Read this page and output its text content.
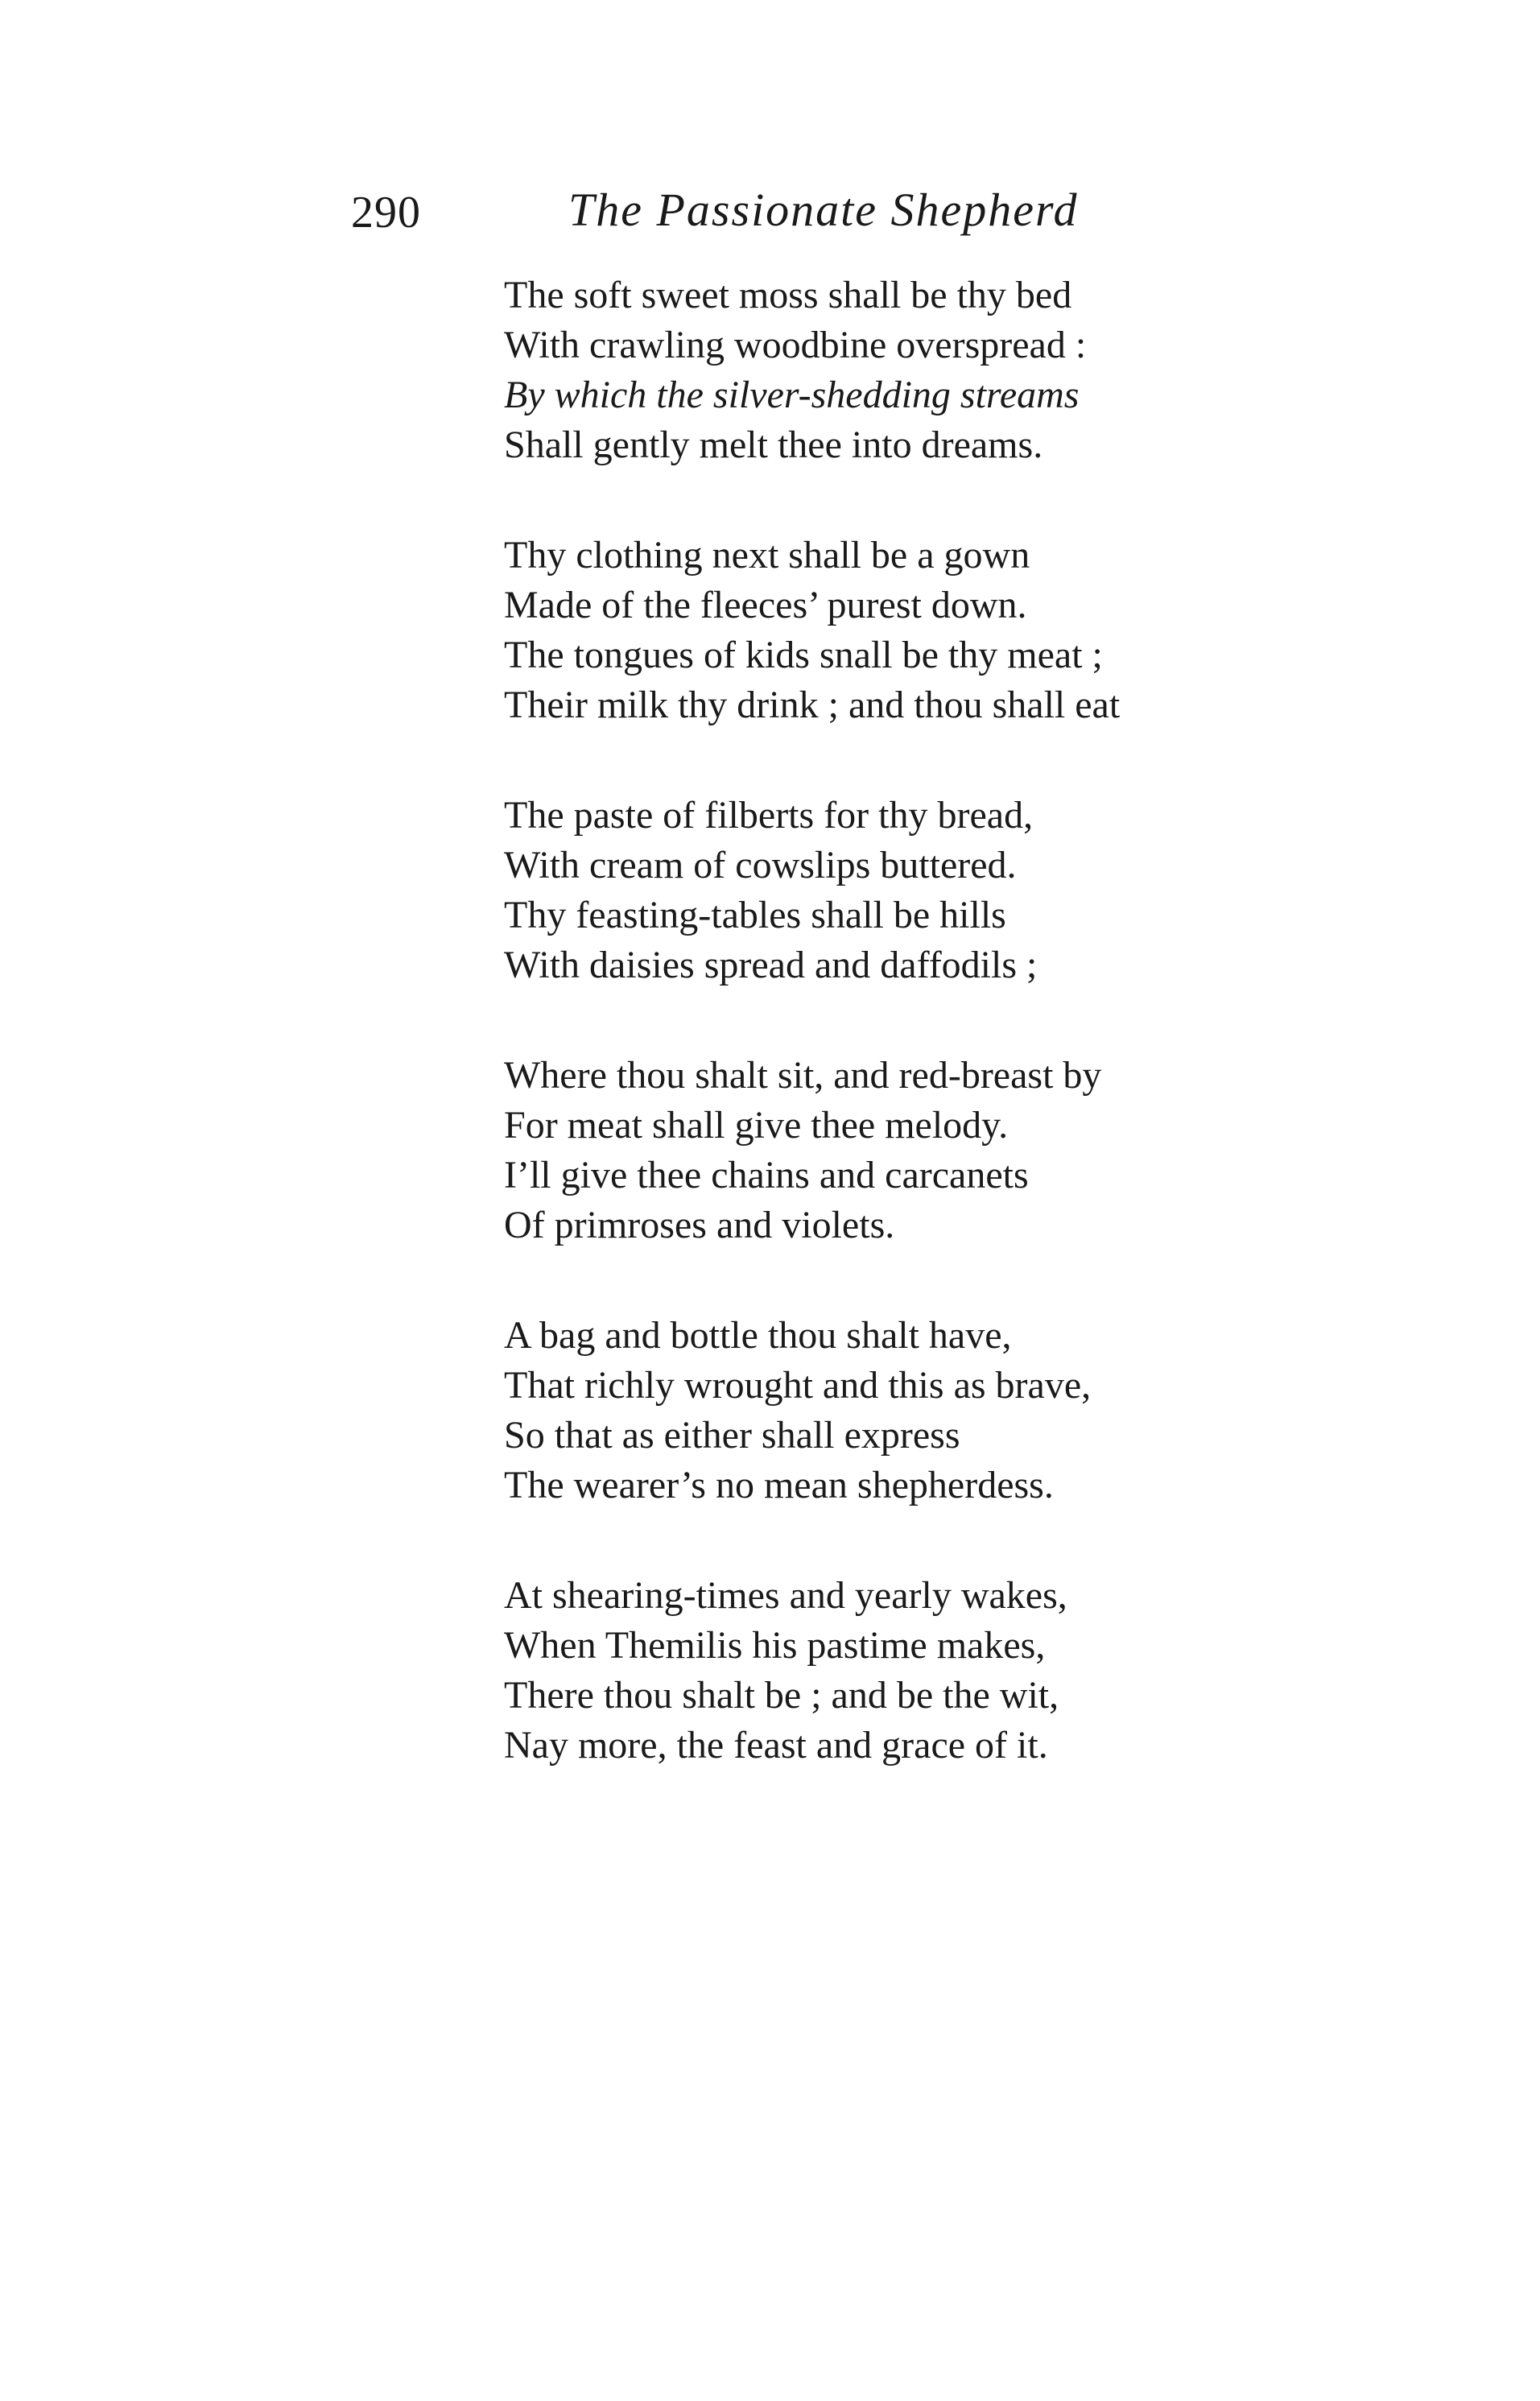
290	The Passionate Shepherd
The soft sweet moss shall be thy bed
With crawling woodbine overspread :
By which the silver-shedding streams
Shall gently melt thee into dreams.
Thy clothing next shall be a gown
Made of the fleeces’ purest down.
The tongues of kids snall be thy meat ;
Their milk thy drink ; and thou shall eat
The paste of filberts for thy bread,
With cream of cowslips buttered.
Thy feasting-tables shall be hills
With daisies spread and daffodils ;
Where thou shalt sit, and red-breast by
For meat shall give thee melody.
I’ll give thee chains and carcanets
Of primroses and violets.
A bag and bottle thou shalt have,
That richly wrought and this as brave,
So that as either shall express
The wearer’s no mean shepherdess.
At shearing-times and yearly wakes,
When Themilis his pastime makes,
There thou shalt be ; and be the wit,
Nay more, the feast and grace of it.
